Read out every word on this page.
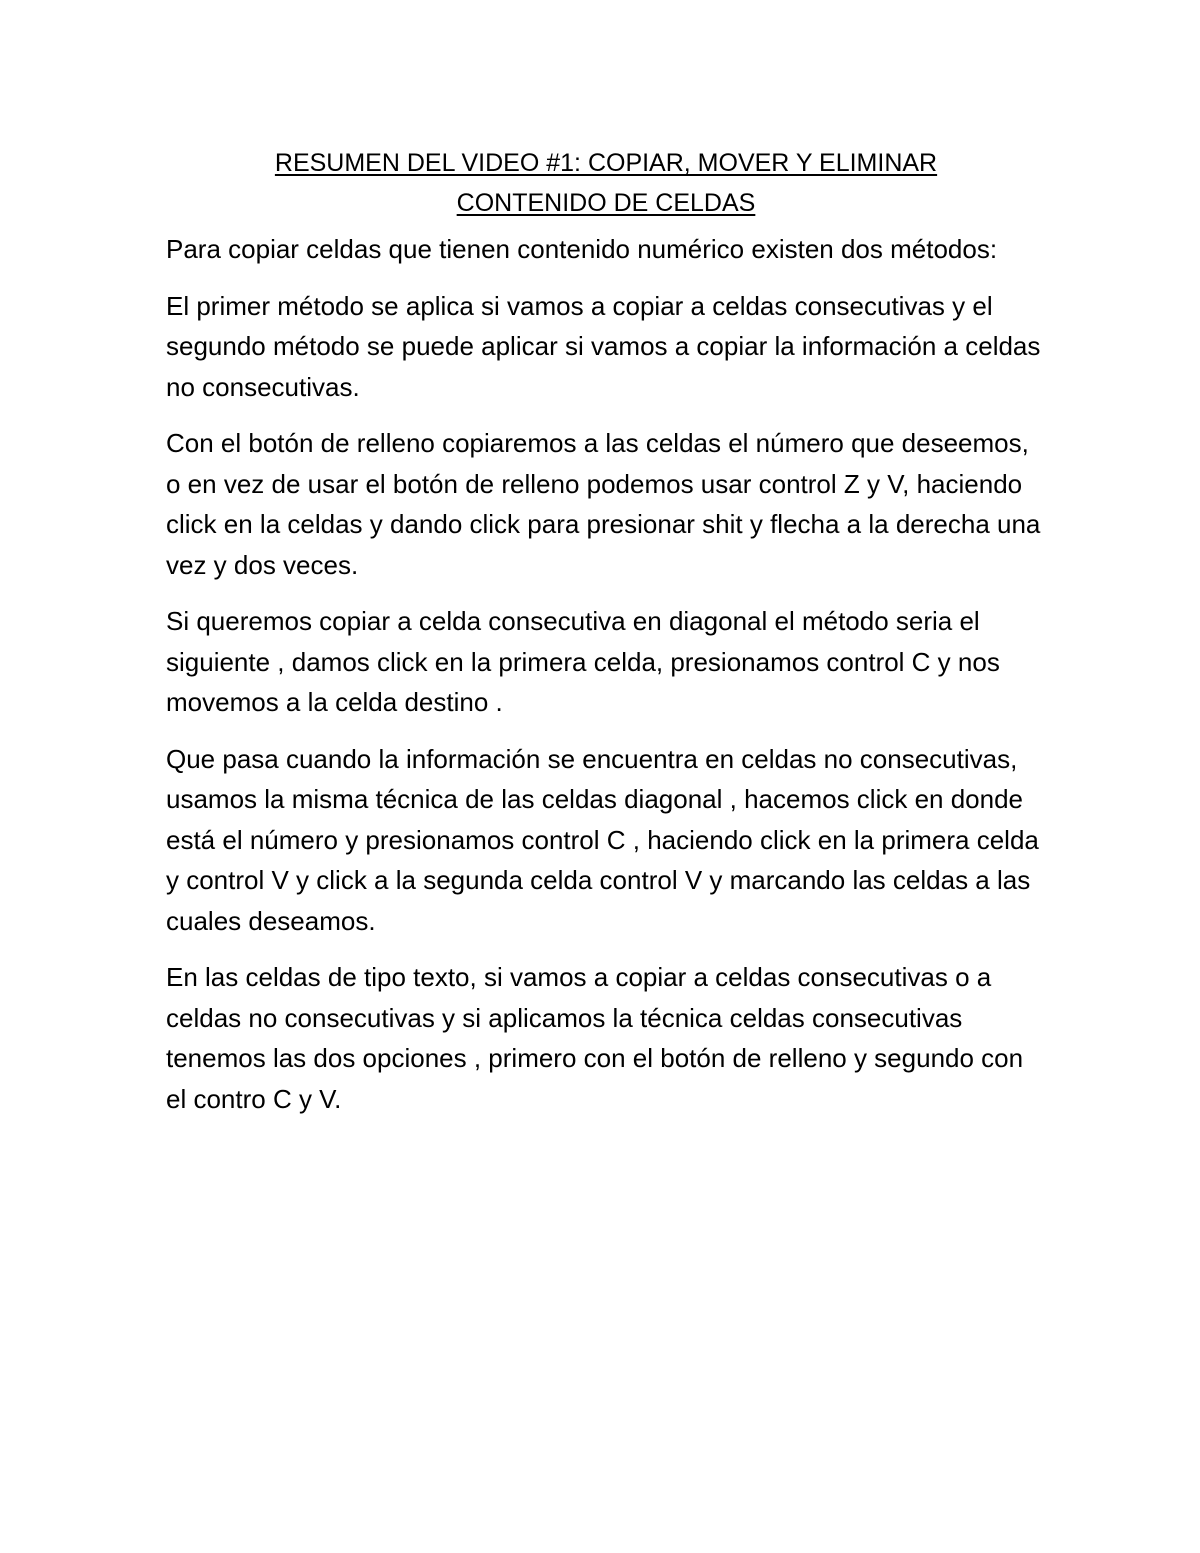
RESUMEN DEL VIDEO #1: COPIAR, MOVER Y ELIMINAR
CONTENIDO DE CELDAS

Para copiar celdas que tienen contenido numérico existen dos métodos:

El primer método se aplica si vamos a copiar a celdas consecutivas y el segundo método se puede aplicar si vamos a copiar la información a celdas no consecutivas.

Con el botón de relleno copiaremos a las celdas el número que deseemos, o en vez de usar el botón de relleno podemos usar control Z y V, haciendo click en la celdas y dando click para presionar shit y flecha a la derecha una vez y dos veces.

Si queremos copiar a celda consecutiva en diagonal el método seria el siguiente , damos click en la primera celda, presionamos control C y nos movemos a la celda destino .

Que pasa cuando la información se encuentra en celdas no consecutivas, usamos la misma técnica de las celdas diagonal , hacemos click en donde está el número y presionamos control C , haciendo click en la primera celda y control V y click a la segunda celda control V y marcando las celdas a las cuales deseamos.

En las celdas de tipo texto, si vamos a copiar a celdas consecutivas o a celdas no consecutivas y si aplicamos la técnica celdas consecutivas tenemos las dos opciones , primero con el botón de relleno y segundo con el contro C y V.
